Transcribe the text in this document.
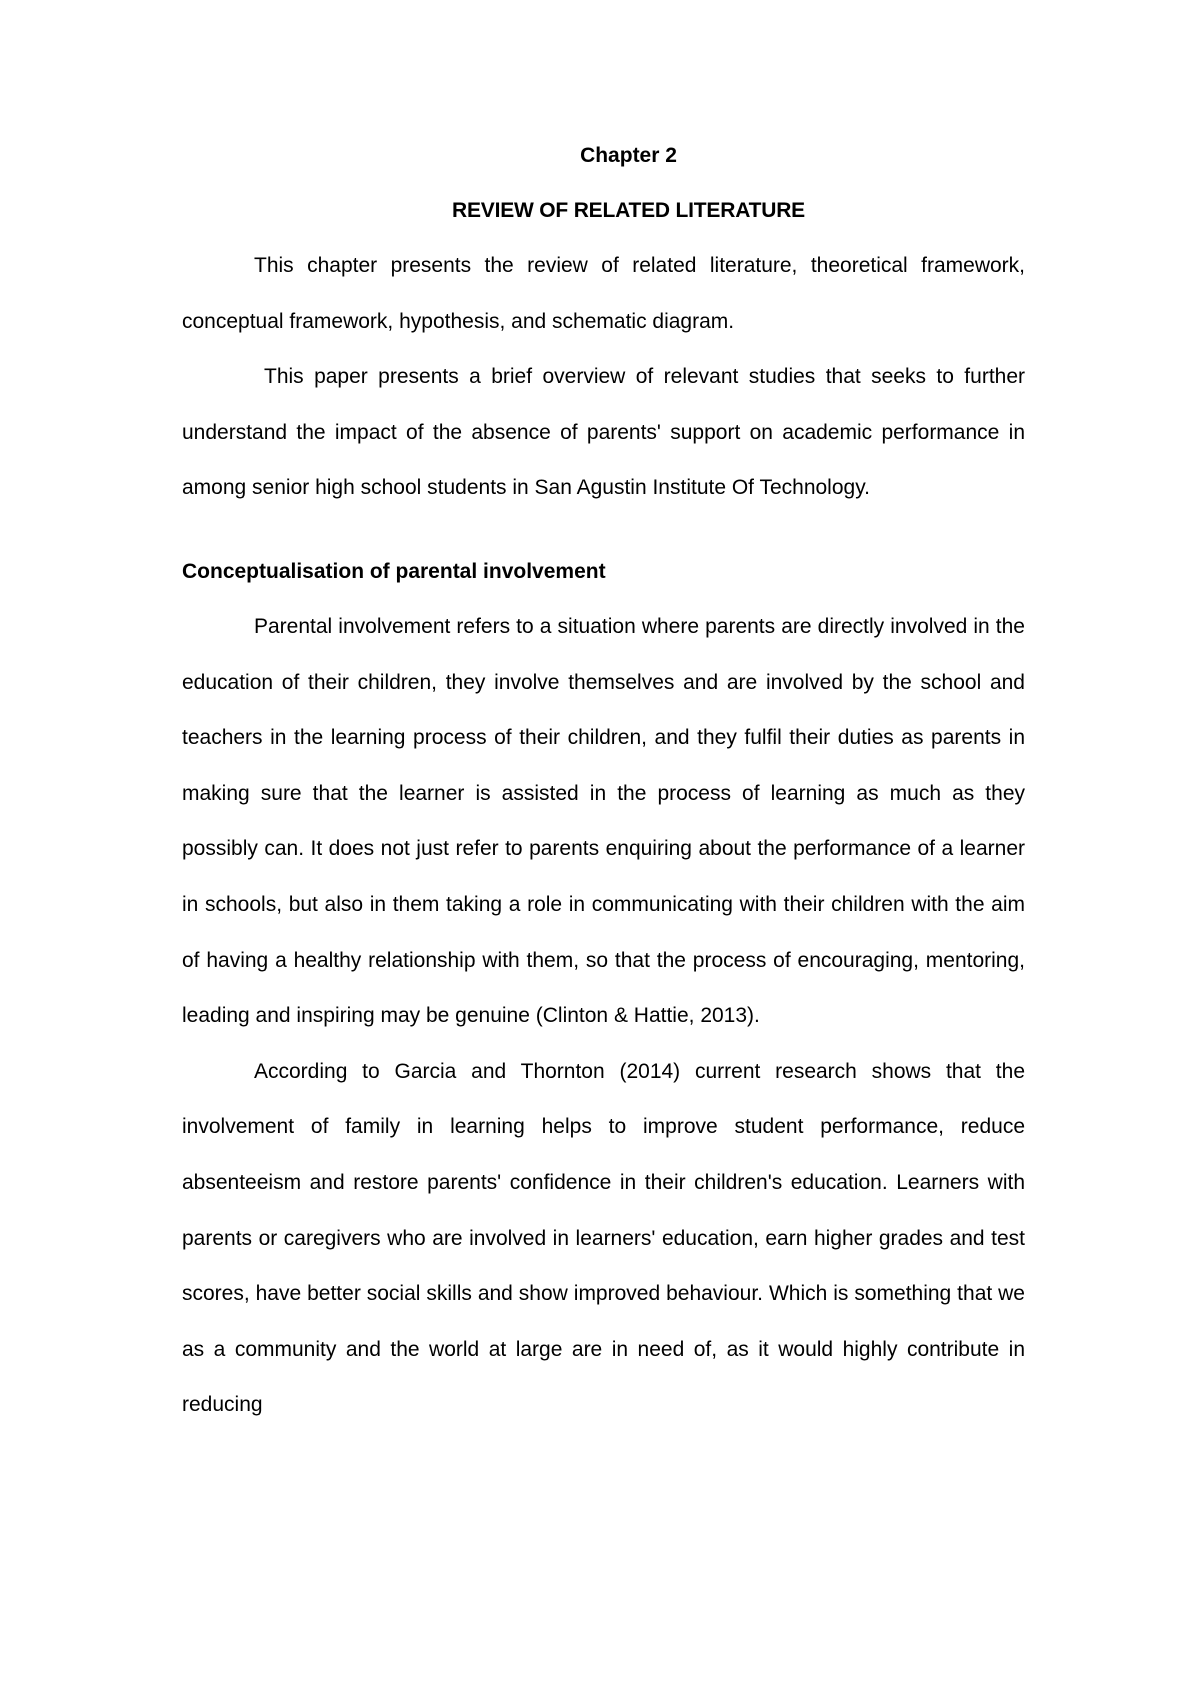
Chapter 2
REVIEW OF RELATED LITERATURE

This chapter presents the review of related literature, theoretical framework, conceptual framework, hypothesis, and schematic diagram.

This paper presents a brief overview of relevant studies that seeks to further understand the impact of the absence of parents' support on academic performance in among senior high school students in San Agustin Institute Of Technology.

Conceptualisation of parental involvement

Parental involvement refers to a situation where parents are directly involved in the education of their children, they involve themselves and are involved by the school and teachers in the learning process of their children, and they fulfil their duties as parents in making sure that the learner is assisted in the process of learning as much as they possibly can. It does not just refer to parents enquiring about the performance of a learner in schools, but also in them taking a role in communicating with their children with the aim of having a healthy relationship with them, so that the process of encouraging, mentoring, leading and inspiring may be genuine (Clinton & Hattie, 2013).

According to Garcia and Thornton (2014) current research shows that the involvement of family in learning helps to improve student performance, reduce absenteeism and restore parents' confidence in their children's education. Learners with parents or caregivers who are involved in learners' education, earn higher grades and test scores, have better social skills and show improved behaviour. Which is something that we as a community and the world at large are in need of, as it would highly contribute in reducing
